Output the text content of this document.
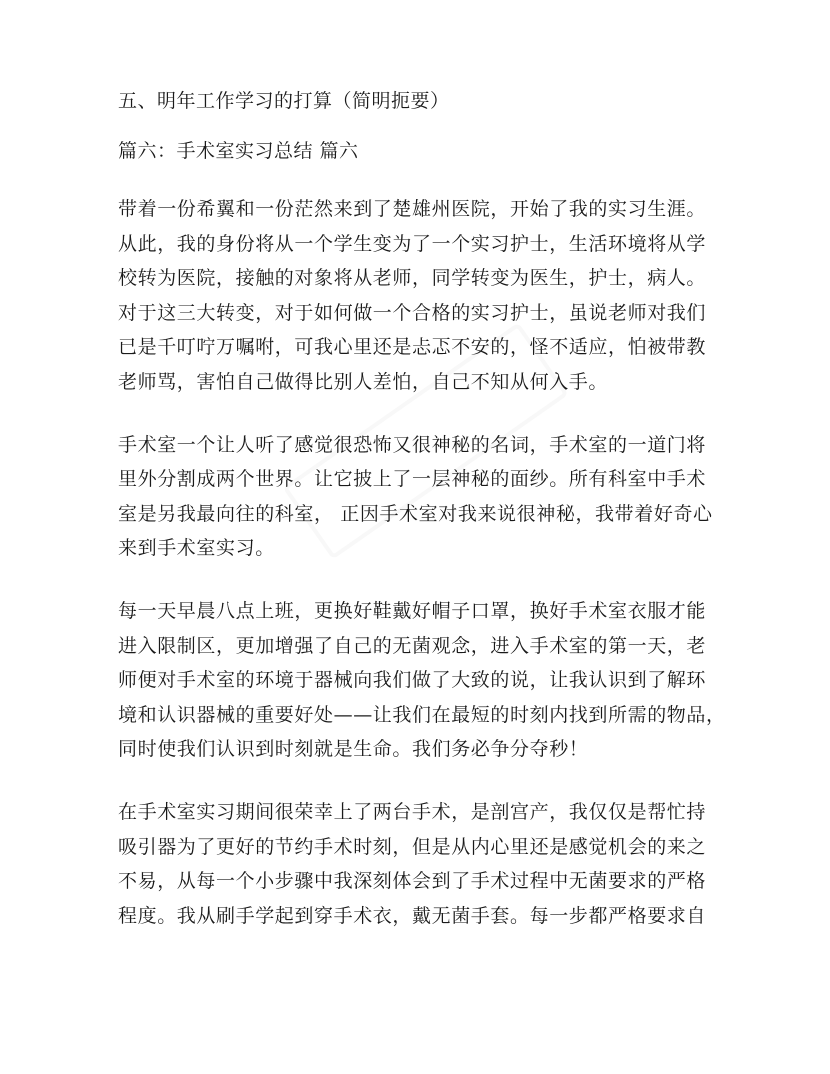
五、明年工作学习的打算（简明扼要）

篇六：手术室实习总结 篇六

带着一份希翼和一份茫然来到了楚雄州医院，开始了我的实习生涯。
从此，我的身份将从一个学生变为了一个实习护士，生活环境将从学
校转为医院，接触的对象将从老师，同学转变为医生，护士，病人。
对于这三大转变，对于如何做一个合格的实习护士，虽说老师对我们
已是千叮咛万嘱咐，可我心里还是忐忑不安的，怪不适应，怕被带教
老师骂，害怕自己做得比别人差怕，自己不知从何入手。
手术室一个让人听了感觉很恐怖又很神秘的名词，手术室的一道门将
里外分割成两个世界。让它披上了一层神秘的面纱。所有科室中手术
室是另我最向往的科室， 正因手术室对我来说很神秘，我带着好奇心
来到手术室实习。
每一天早晨八点上班，更换好鞋戴好帽子口罩，换好手术室衣服才能
进入限制区，更加增强了自己的无菌观念，进入手术室的第一天，老
师便对手术室的环境于器械向我们做了大致的说，让我认识到了解环
境和认识器械的重要好处——让我们在最短的时刻内找到所需的物品，
同时使我们认识到时刻就是生命。我们务必争分夺秒！
在手术室实习期间很荣幸上了两台手术，是剖宫产，我仅仅是帮忙持
吸引器为了更好的节约手术时刻，但是从内心里还是感觉机会的来之
不易，从每一个小步骤中我深刻体会到了手术过程中无菌要求的严格
程度。我从刷手学起到穿手术衣，戴无菌手套。每一步都严格要求自
